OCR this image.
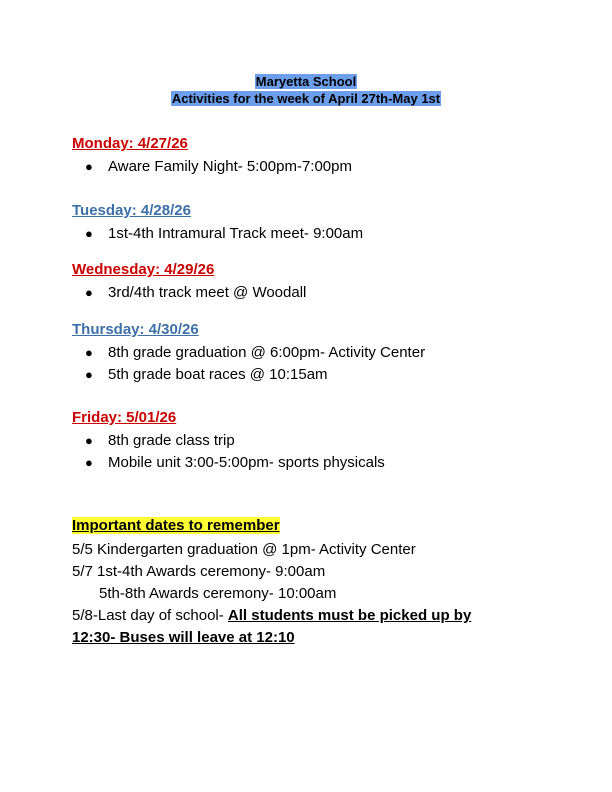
Maryetta School
Activities for the week of April 27th-May 1st
Monday: 4/27/26
● Aware Family Night- 5:00pm-7:00pm
Tuesday: 4/28/26
● 1st-4th Intramural Track meet- 9:00am
Wednesday: 4/29/26
● 3rd/4th track meet @ Woodall
Thursday: 4/30/26
● 8th grade graduation @ 6:00pm- Activity Center
● 5th grade boat races @ 10:15am
Friday: 5/01/26
● 8th grade class trip
● Mobile unit 3:00-5:00pm- sports physicals
Important dates to remember
5/5 Kindergarten graduation @ 1pm- Activity Center
5/7 1st-4th Awards ceremony- 9:00am
5th-8th Awards ceremony- 10:00am
5/8-Last day of school- All students must be picked up by
12:30- Buses will leave at 12:10
